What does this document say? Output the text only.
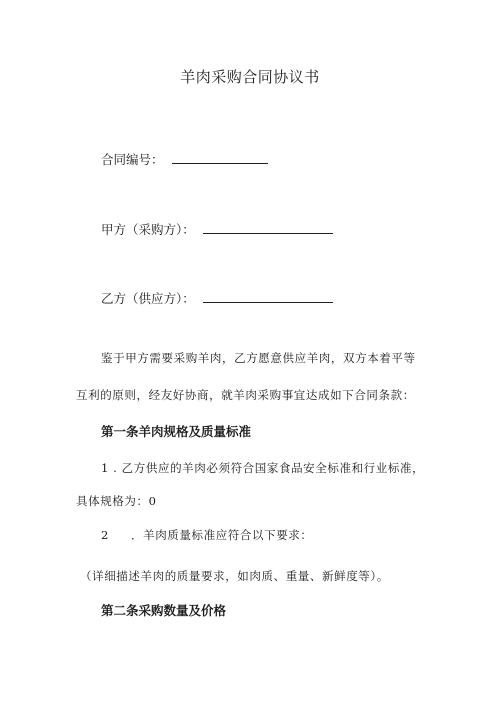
羊肉采购合同协议书
合同编号：
甲方（采购方）：
乙方（供应方）：
鉴于甲方需要采购羊肉，乙方愿意供应羊肉，双方本着平等
互利的原则，经友好协商，就羊肉采购事宜达成如下合同条款：
第一条羊肉规格及质量标准
1 . 乙方供应的羊肉必须符合国家食品安全标准和行业标准，
具体规格为：0
2 ．羊肉质量标准应符合以下要求：
（详细描述羊肉的质量要求，如肉质、重量、新鲜度等）。
第二条采购数量及价格
